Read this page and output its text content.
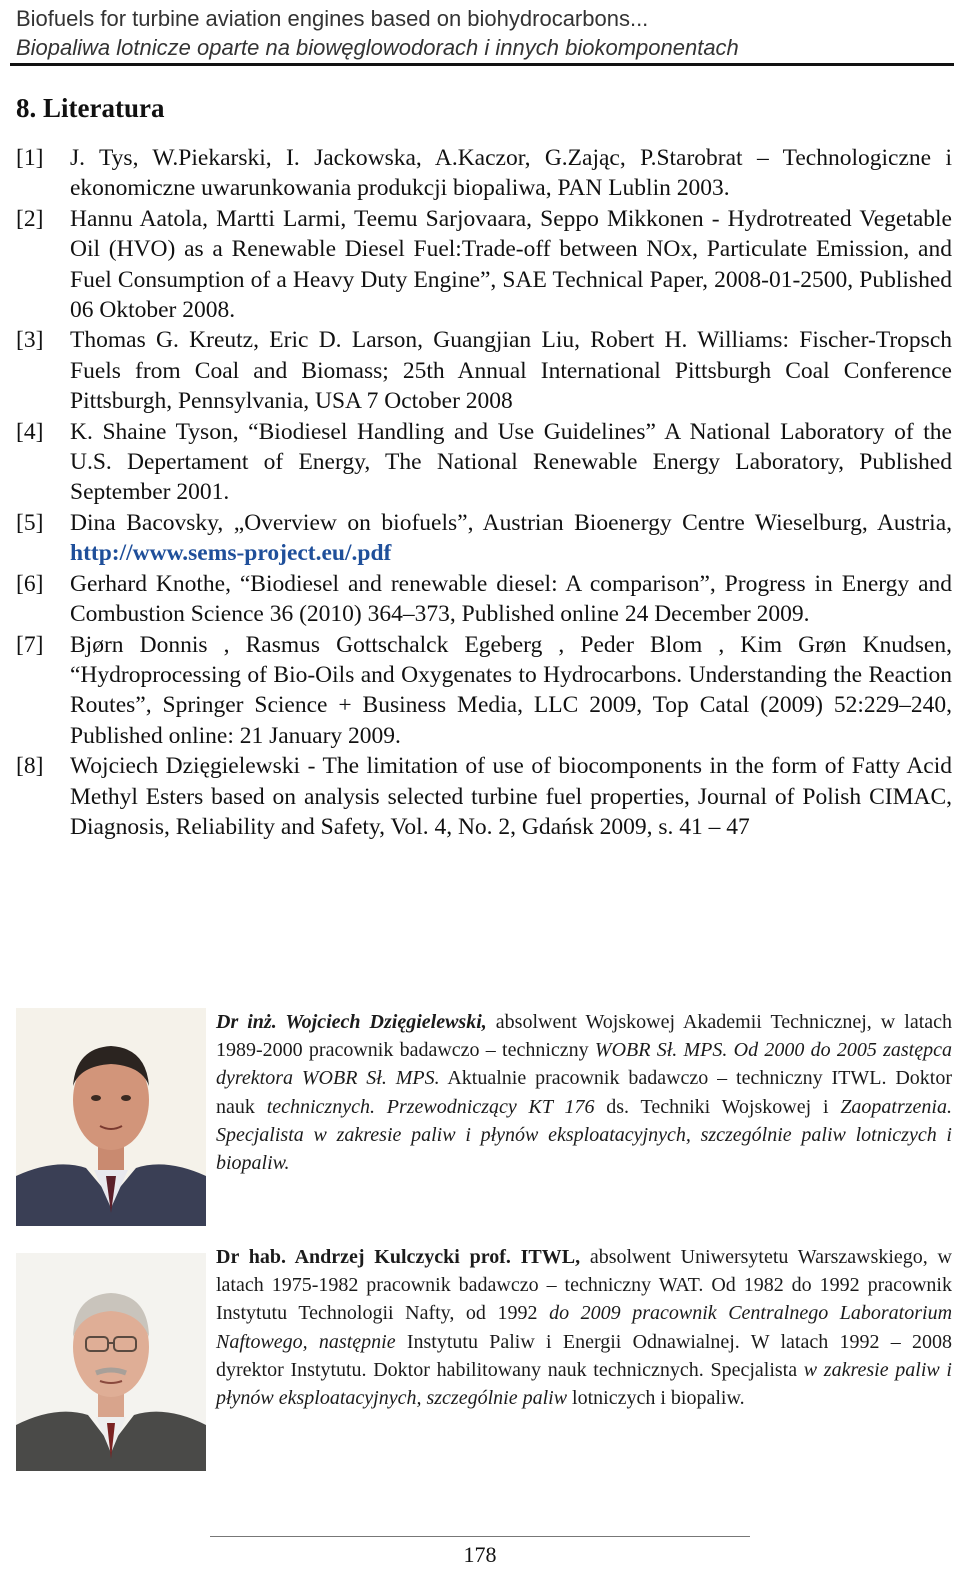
Biofuels for turbine aviation engines based on biohydrocarbons...
Biopaliwa lotnicze oparte na biowęglowodorach i innych biokomponentach
8. Literatura
[1]	J. Tys, W.Piekarski, I. Jackowska, A.Kaczor, G.Zając, P.Starobrat – Technologiczne i ekonomiczne uwarunkowania produkcji biopaliwa, PAN Lublin 2003.
[2]	Hannu Aatola, Martti Larmi, Teemu Sarjovaara, Seppo Mikkonen - Hydrotreated Vegetable Oil (HVO) as a Renewable Diesel Fuel:Trade-off between NOx, Particulate Emission, and Fuel Consumption of a Heavy Duty Engine”, SAE Technical Paper, 2008-01-2500, Published 06 Oktober 2008.
[3]	Thomas G. Kreutz, Eric D. Larson, Guangjian Liu, Robert H. Williams: Fischer-Tropsch Fuels from Coal and Biomass; 25th Annual International Pittsburgh Coal Conference Pittsburgh, Pennsylvania, USA 7 October 2008
[4]	K. Shaine Tyson, “Biodiesel Handling and Use Guidelines” A National Laboratory of the U.S. Depertament of Energy, The National Renewable Energy Laboratory, Published September 2001.
[5]	Dina Bacovsky, „Overview on biofuels”, Austrian Bioenergy Centre Wieselburg, Austria, http://www.sems-project.eu/.pdf
[6]	Gerhard Knothe, “Biodiesel and renewable diesel: A comparison”, Progress in Energy and Combustion Science 36 (2010) 364–373, Published online 24 December 2009.
[7]	Bjørn Donnis , Rasmus Gottschalck Egeberg , Peder Blom , Kim Grøn Knudsen, “Hydroprocessing of Bio-Oils and Oxygenates to Hydrocarbons. Understanding the Reaction Routes”, Springer Science + Business Media, LLC 2009, Top Catal (2009) 52:229–240, Published online: 21 January 2009.
[8]	Wojciech Dzięgielewski - The limitation of use of biocomponents in the form of Fatty Acid Methyl Esters based on analysis selected turbine fuel properties, Journal of Polish CIMAC, Diagnosis, Reliability and Safety, Vol. 4, No. 2, Gdańsk 2009, s. 41 – 47
Dr inż. Wojciech Dzięgielewski, absolwent Wojskowej Akademii Technicznej, w latach 1989-2000 pracownik badawczo – techniczny WOBR Sł. MPS. Od 2000 do 2005 zastępca dyrektora WOBR Sł. MPS. Aktualnie pracownik badawczo – techniczny ITWL. Doktor nauk technicznych. Przewodniczący KT 176 ds. Techniki Wojskowej i Zaopatrzenia. Specjalista w zakresie paliw i płynów eksploatacyjnych, szczególnie paliw lotniczych i biopaliw.
Dr hab. Andrzej Kulczycki prof. ITWL, absolwent Uniwersytetu Warszawskiego, w latach 1975-1982 pracownik badawczo – techniczny WAT. Od 1982 do 1992 pracownik Instytutu Technologii Nafty, od 1992 do 2009 pracownik Centralnego Laboratorium Naftowego, następnie Instytutu Paliw i Energii Odnawialnej. W latach 1992 – 2008 dyrektor Instytutu. Doktor habilitowany nauk technicznych. Specjalista w zakresie paliw i płynów eksploatacyjnych, szczególnie paliw lotniczych i biopaliw.
178
